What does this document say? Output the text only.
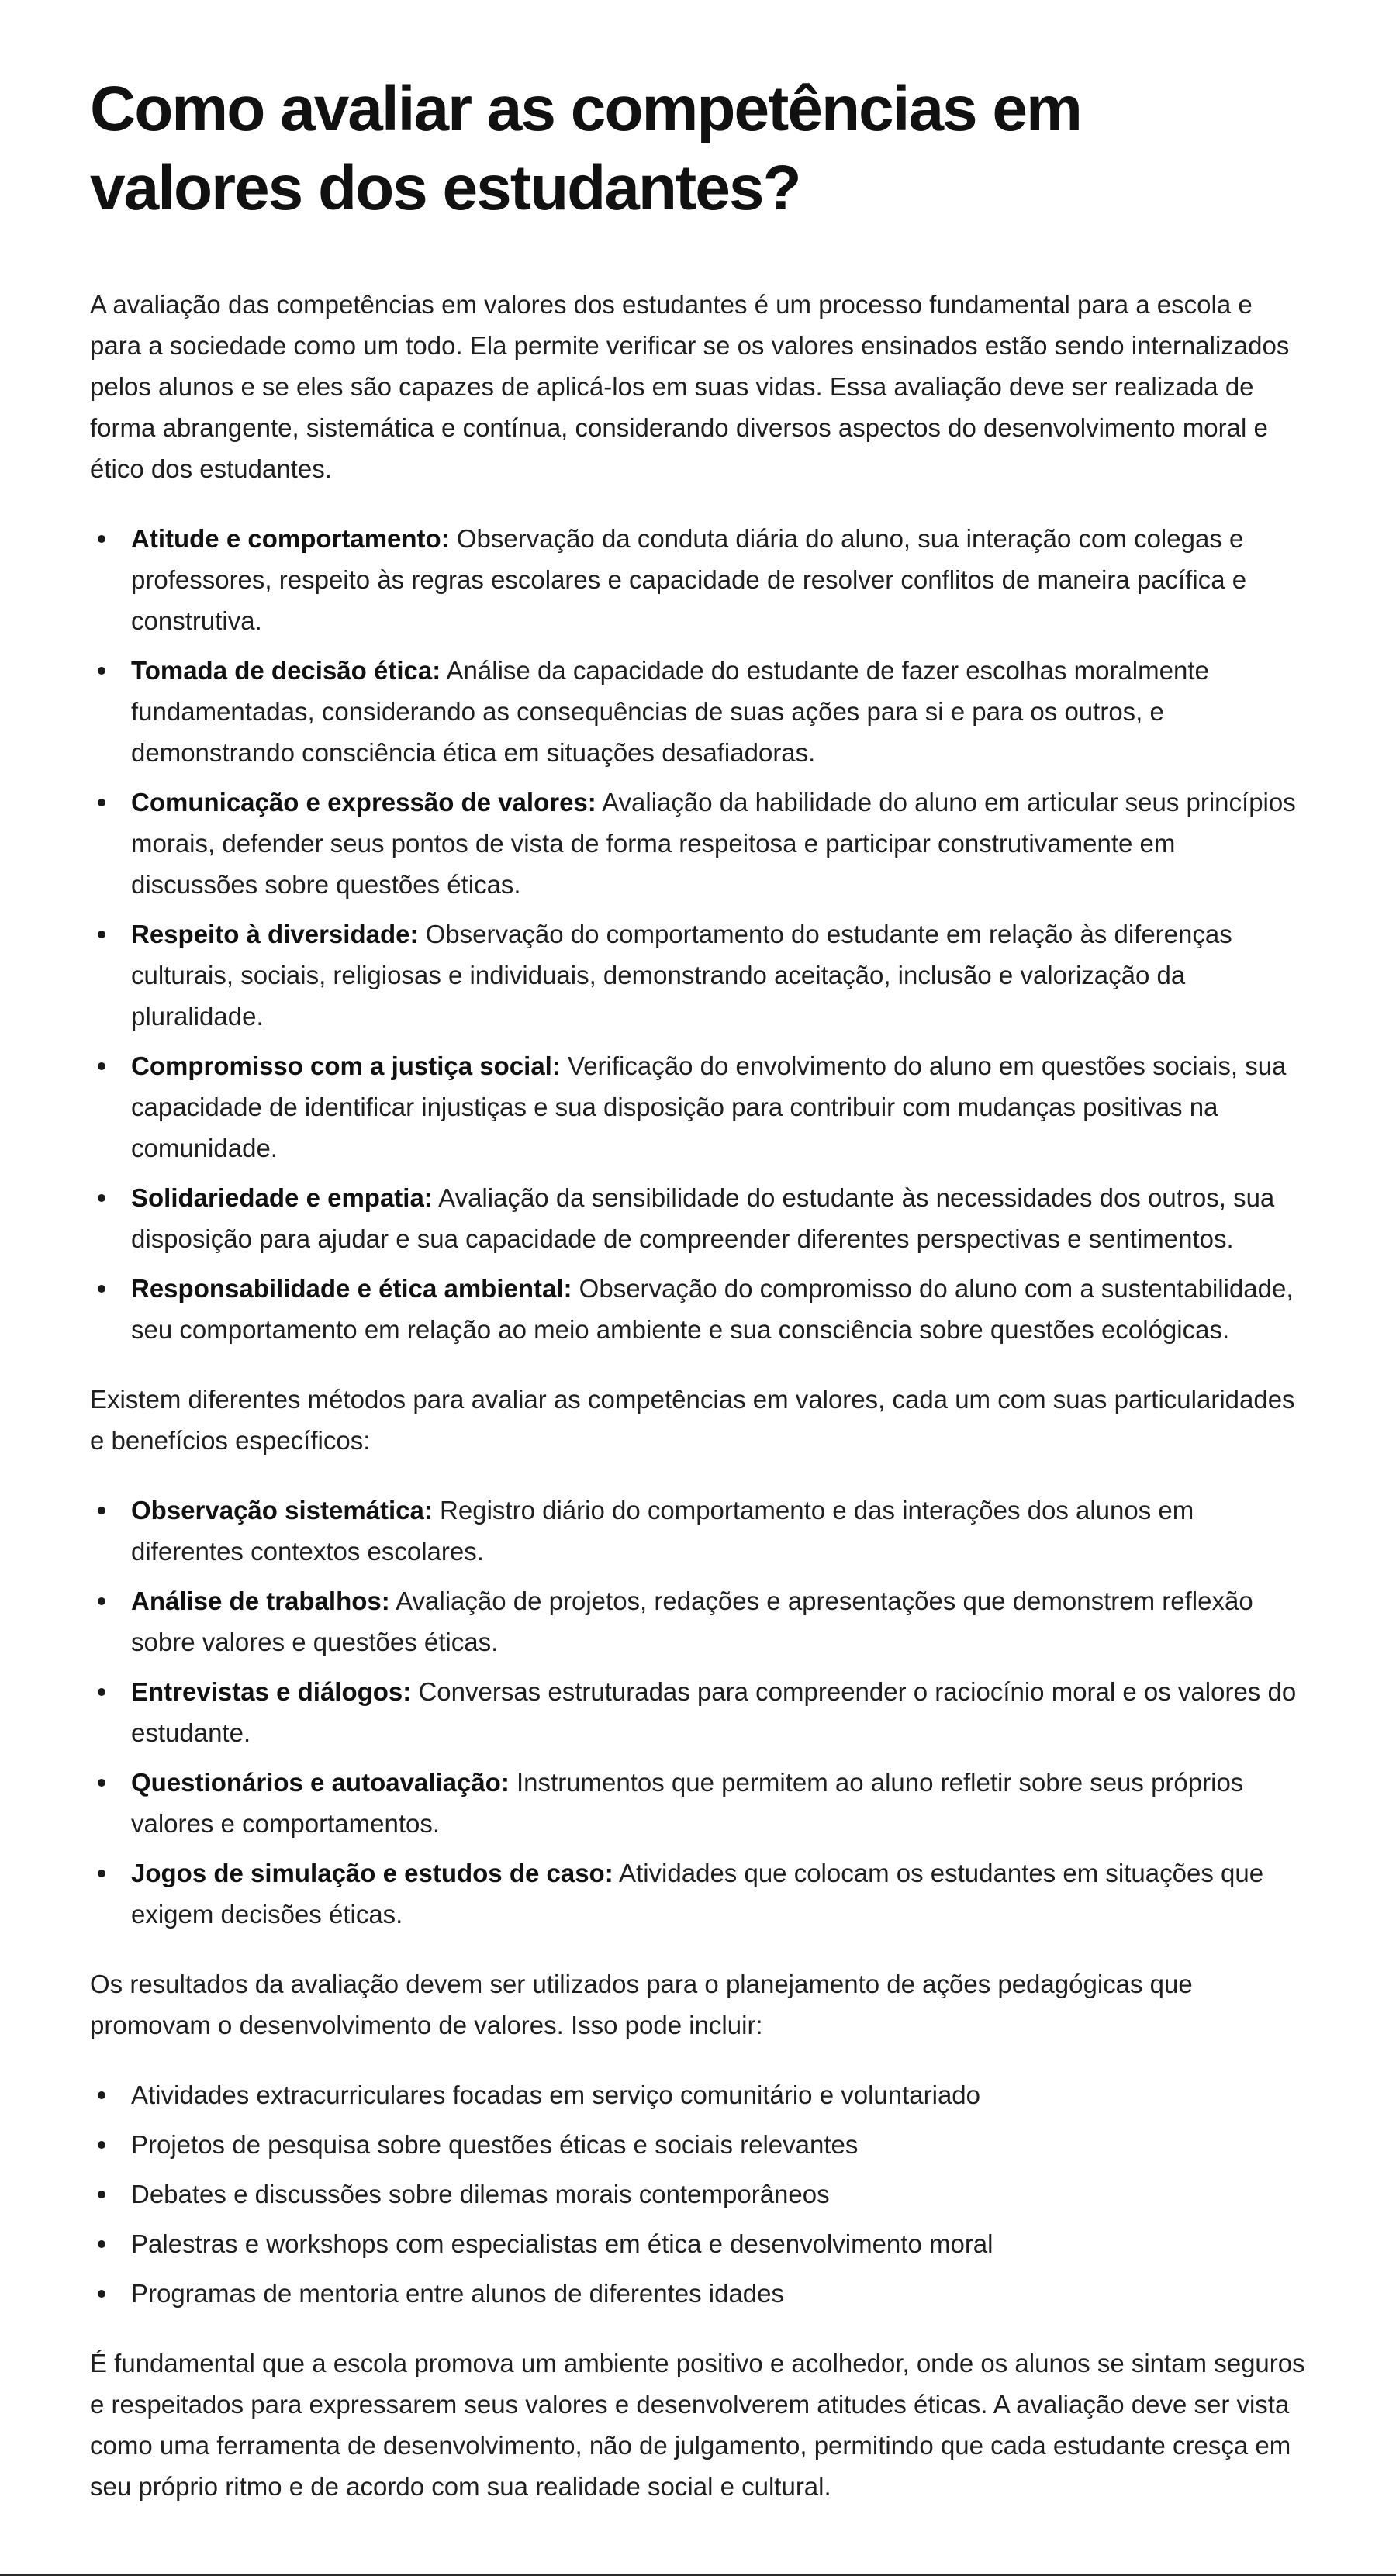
Como avaliar as competências em valores dos estudantes?

A avaliação das competências em valores dos estudantes é um processo fundamental para a escola e para a sociedade como um todo. Ela permite verificar se os valores ensinados estão sendo internalizados pelos alunos e se eles são capazes de aplicá-los em suas vidas. Essa avaliação deve ser realizada de forma abrangente, sistemática e contínua, considerando diversos aspectos do desenvolvimento moral e ético dos estudantes.

Atitude e comportamento: Observação da conduta diária do aluno, sua interação com colegas e professores, respeito às regras escolares e capacidade de resolver conflitos de maneira pacífica e construtiva.
Tomada de decisão ética: Análise da capacidade do estudante de fazer escolhas moralmente fundamentadas, considerando as consequências de suas ações para si e para os outros, e demonstrando consciência ética em situações desafiadoras.
Comunicação e expressão de valores: Avaliação da habilidade do aluno em articular seus princípios morais, defender seus pontos de vista de forma respeitosa e participar construtivamente em discussões sobre questões éticas.
Respeito à diversidade: Observação do comportamento do estudante em relação às diferenças culturais, sociais, religiosas e individuais, demonstrando aceitação, inclusão e valorização da pluralidade.
Compromisso com a justiça social: Verificação do envolvimento do aluno em questões sociais, sua capacidade de identificar injustiças e sua disposição para contribuir com mudanças positivas na comunidade.
Solidariedade e empatia: Avaliação da sensibilidade do estudante às necessidades dos outros, sua disposição para ajudar e sua capacidade de compreender diferentes perspectivas e sentimentos.
Responsabilidade e ética ambiental: Observação do compromisso do aluno com a sustentabilidade, seu comportamento em relação ao meio ambiente e sua consciência sobre questões ecológicas.

Existem diferentes métodos para avaliar as competências em valores, cada um com suas particularidades e benefícios específicos:

Observação sistemática: Registro diário do comportamento e das interações dos alunos em diferentes contextos escolares.
Análise de trabalhos: Avaliação de projetos, redações e apresentações que demonstrem reflexão sobre valores e questões éticas.
Entrevistas e diálogos: Conversas estruturadas para compreender o raciocínio moral e os valores do estudante.
Questionários e autoavaliação: Instrumentos que permitem ao aluno refletir sobre seus próprios valores e comportamentos.
Jogos de simulação e estudos de caso: Atividades que colocam os estudantes em situações que exigem decisões éticas.

Os resultados da avaliação devem ser utilizados para o planejamento de ações pedagógicas que promovam o desenvolvimento de valores. Isso pode incluir:

Atividades extracurriculares focadas em serviço comunitário e voluntariado
Projetos de pesquisa sobre questões éticas e sociais relevantes
Debates e discussões sobre dilemas morais contemporâneos
Palestras e workshops com especialistas em ética e desenvolvimento moral
Programas de mentoria entre alunos de diferentes idades

É fundamental que a escola promova um ambiente positivo e acolhedor, onde os alunos se sintam seguros e respeitados para expressarem seus valores e desenvolverem atitudes éticas. A avaliação deve ser vista como uma ferramenta de desenvolvimento, não de julgamento, permitindo que cada estudante cresça em seu próprio ritmo e de acordo com sua realidade social e cultural.
